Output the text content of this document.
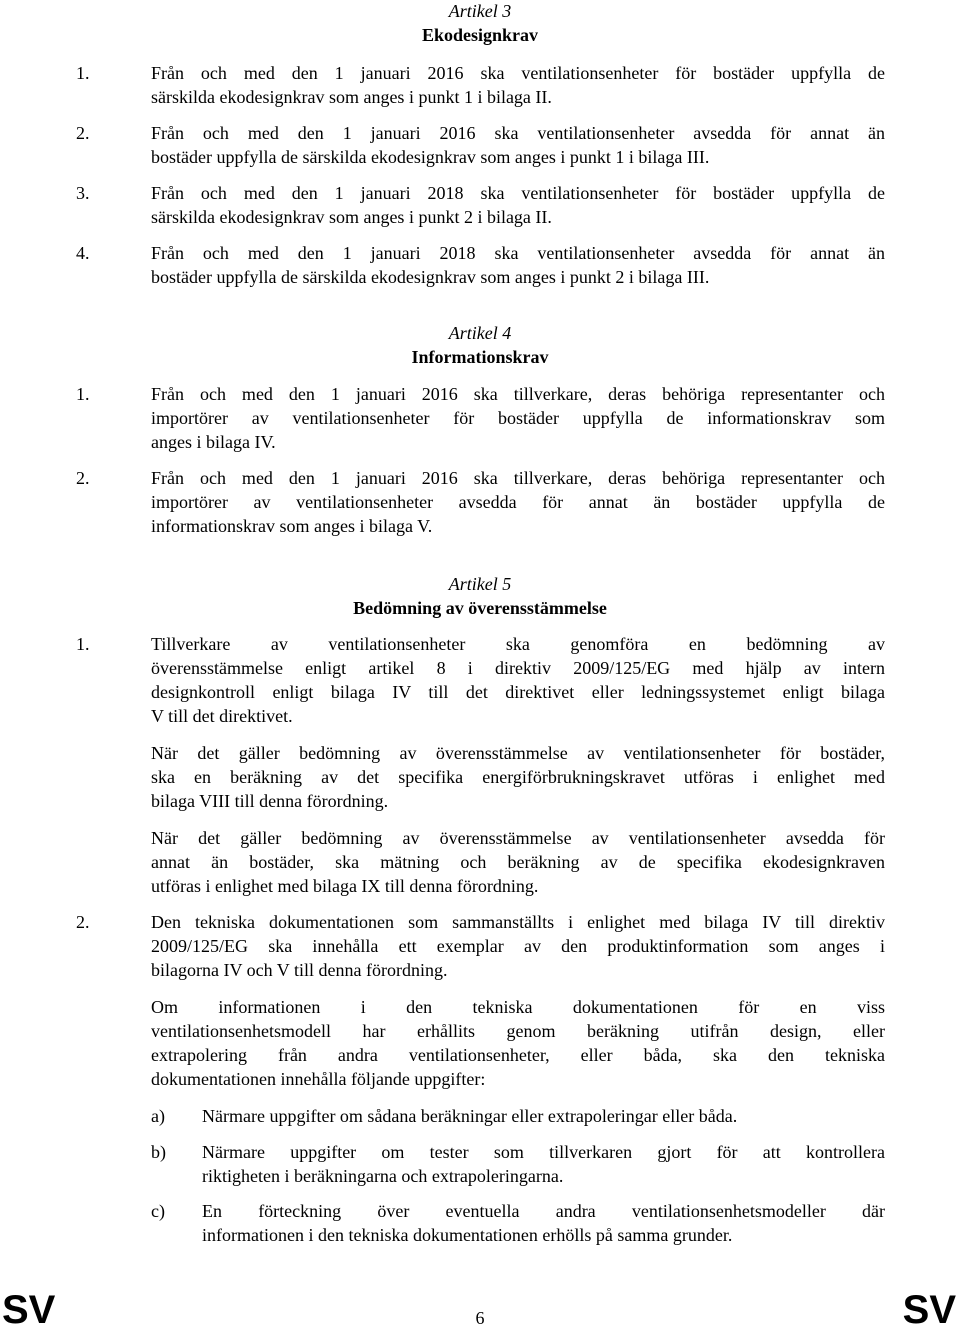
Artikel 3
Ekodesignkrav
1.	Från och med den 1 januari 2016 ska ventilationsenheter för bostäder uppfylla de
särskilda ekodesignkrav som anges i punkt 1 i bilaga II.
2.	Från och med den 1 januari 2016 ska ventilationsenheter avsedda för annat än
bostäder uppfylla de särskilda ekodesignkrav som anges i punkt 1 i bilaga III.
3.	Från och med den 1 januari 2018 ska ventilationsenheter för bostäder uppfylla de
särskilda ekodesignkrav som anges i punkt 2 i bilaga II.
4.	Från och med den 1 januari 2018 ska ventilationsenheter avsedda för annat än
bostäder uppfylla de särskilda ekodesignkrav som anges i punkt 2 i bilaga III.
Artikel 4
Informationskrav
1.	Från och med den 1 januari 2016 ska tillverkare, deras behöriga representanter och
importörer av ventilationsenheter för bostäder uppfylla de informationskrav som
anges i bilaga IV.
2.	Från och med den 1 januari 2016 ska tillverkare, deras behöriga representanter och
importörer av ventilationsenheter avsedda för annat än bostäder uppfylla de
informationskrav som anges i bilaga V.
Artikel 5
Bedömning av överensstämmelse
1.	Tillverkare av ventilationsenheter ska genomföra en bedömning av
överensstämmelse enligt artikel 8 i direktiv 2009/125/EG med hjälp av intern
designkontroll enligt bilaga IV till det direktivet eller ledningssystemet enligt bilaga
V till det direktivet.
När det gäller bedömning av överensstämmelse av ventilationsenheter för bostäder,
ska en beräkning av det specifika energiförbrukningskravet utföras i enlighet med
bilaga VIII till denna förordning.
När det gäller bedömning av överensstämmelse av ventilationsenheter avsedda för
annat än bostäder, ska mätning och beräkning av de specifika ekodesignkraven
utföras i enlighet med bilaga IX till denna förordning.
2.	Den tekniska dokumentationen som sammanställts i enlighet med bilaga IV till direktiv
2009/125/EG ska innehålla ett exemplar av den produktinformation som anges i
bilagorna IV och V till denna förordning.
Om informationen i den tekniska dokumentationen för en viss
ventilationsenhetsmodell har erhållits genom beräkning utifrån design, eller
extrapolering från andra ventilationsenheter, eller båda, ska den tekniska
dokumentationen innehålla följande uppgifter:
a) Närmare uppgifter om sådana beräkningar eller extrapoleringar eller båda.
b) Närmare uppgifter om tester som tillverkaren gjort för att kontrollera
riktigheten i beräkningarna och extrapoleringarna.
c) En förteckning över eventuella andra ventilationsenhetsmodeller där
informationen i den tekniska dokumentationen erhölls på samma grunder.
SV	6	SV
